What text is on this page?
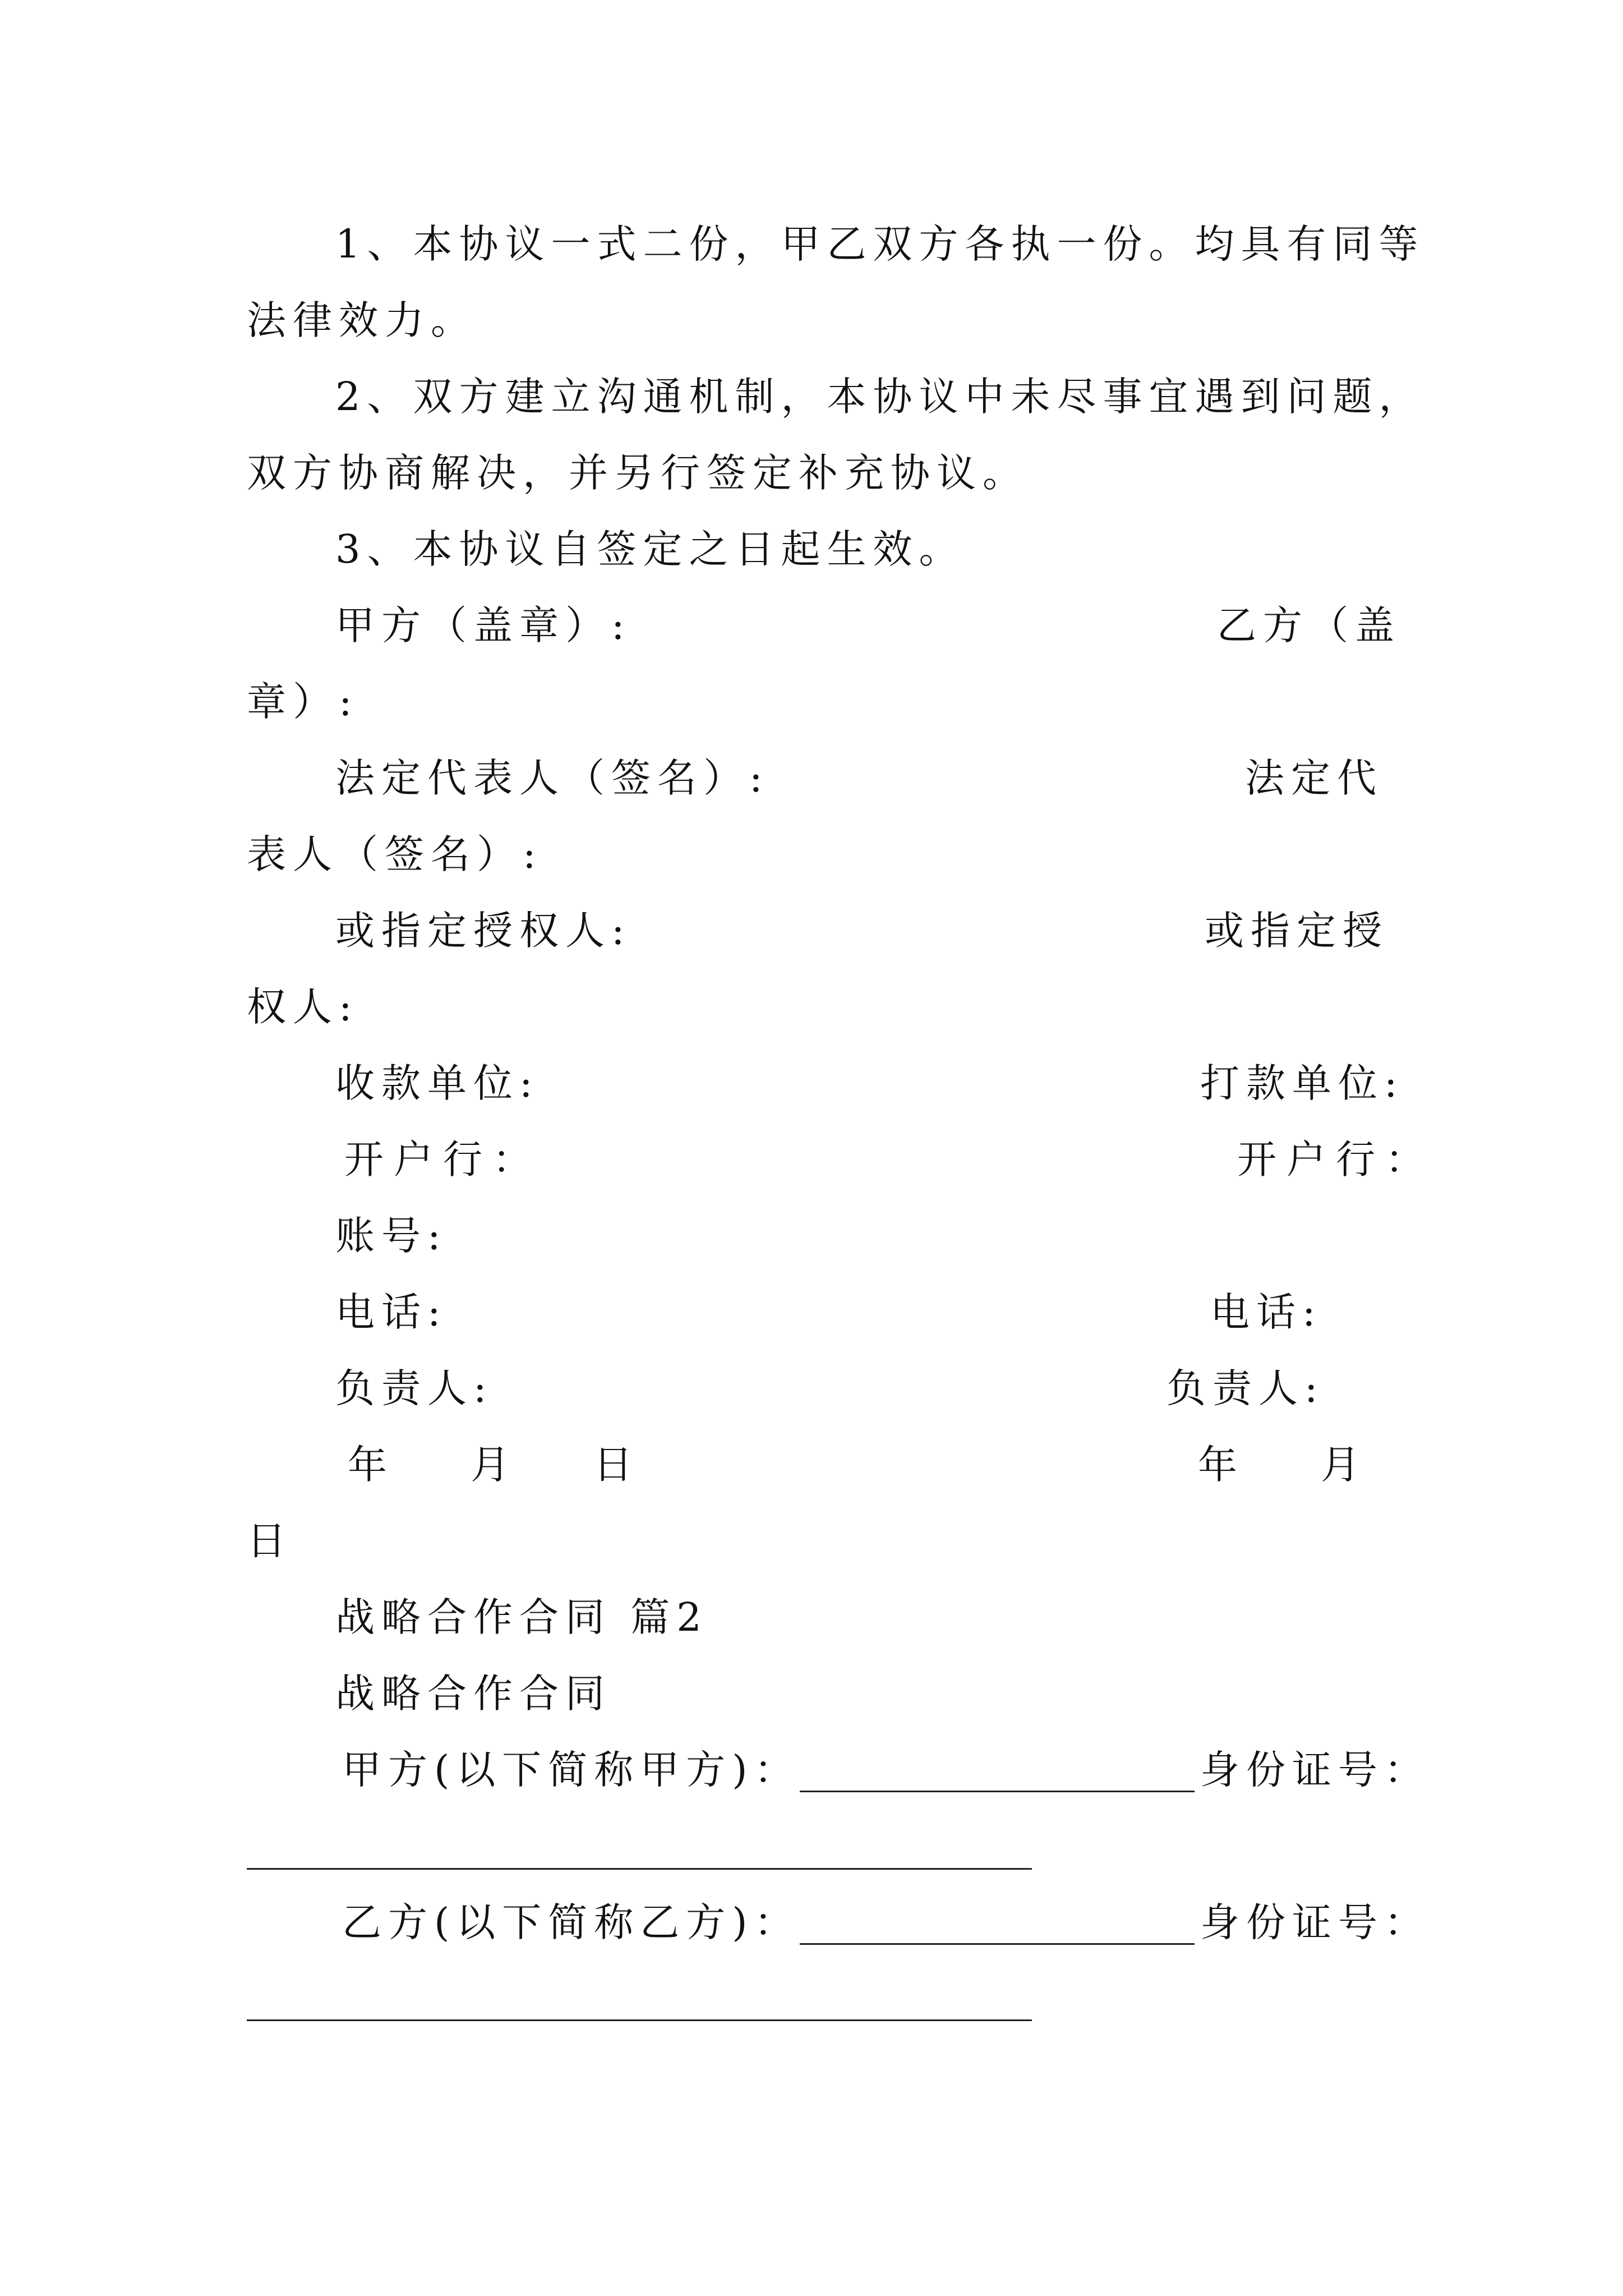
1、本协议一式二份，甲乙双方各执一份。均具有同等
法律效力。
2、双方建立沟通机制，本协议中未尽事宜遇到问题，
双方协商解决，并另行签定补充协议。
3、本协议自签定之日起生效。
甲方（盖章）:	乙方（盖
章）:
法定代表人（签名）:	法定代
表人（签名）:
或指定授权人:	或指定授
权人:
收款单位:	打款单位:
开户行：	开户行：
账号:
电话:	电话:
负责人:	负责人:
年    月    日	年    月
日
战略合作合同 篇2
战略合作合同
甲方(以下简称甲方)：	身份证号：
乙方(以下简称乙方)：	身份证号：
